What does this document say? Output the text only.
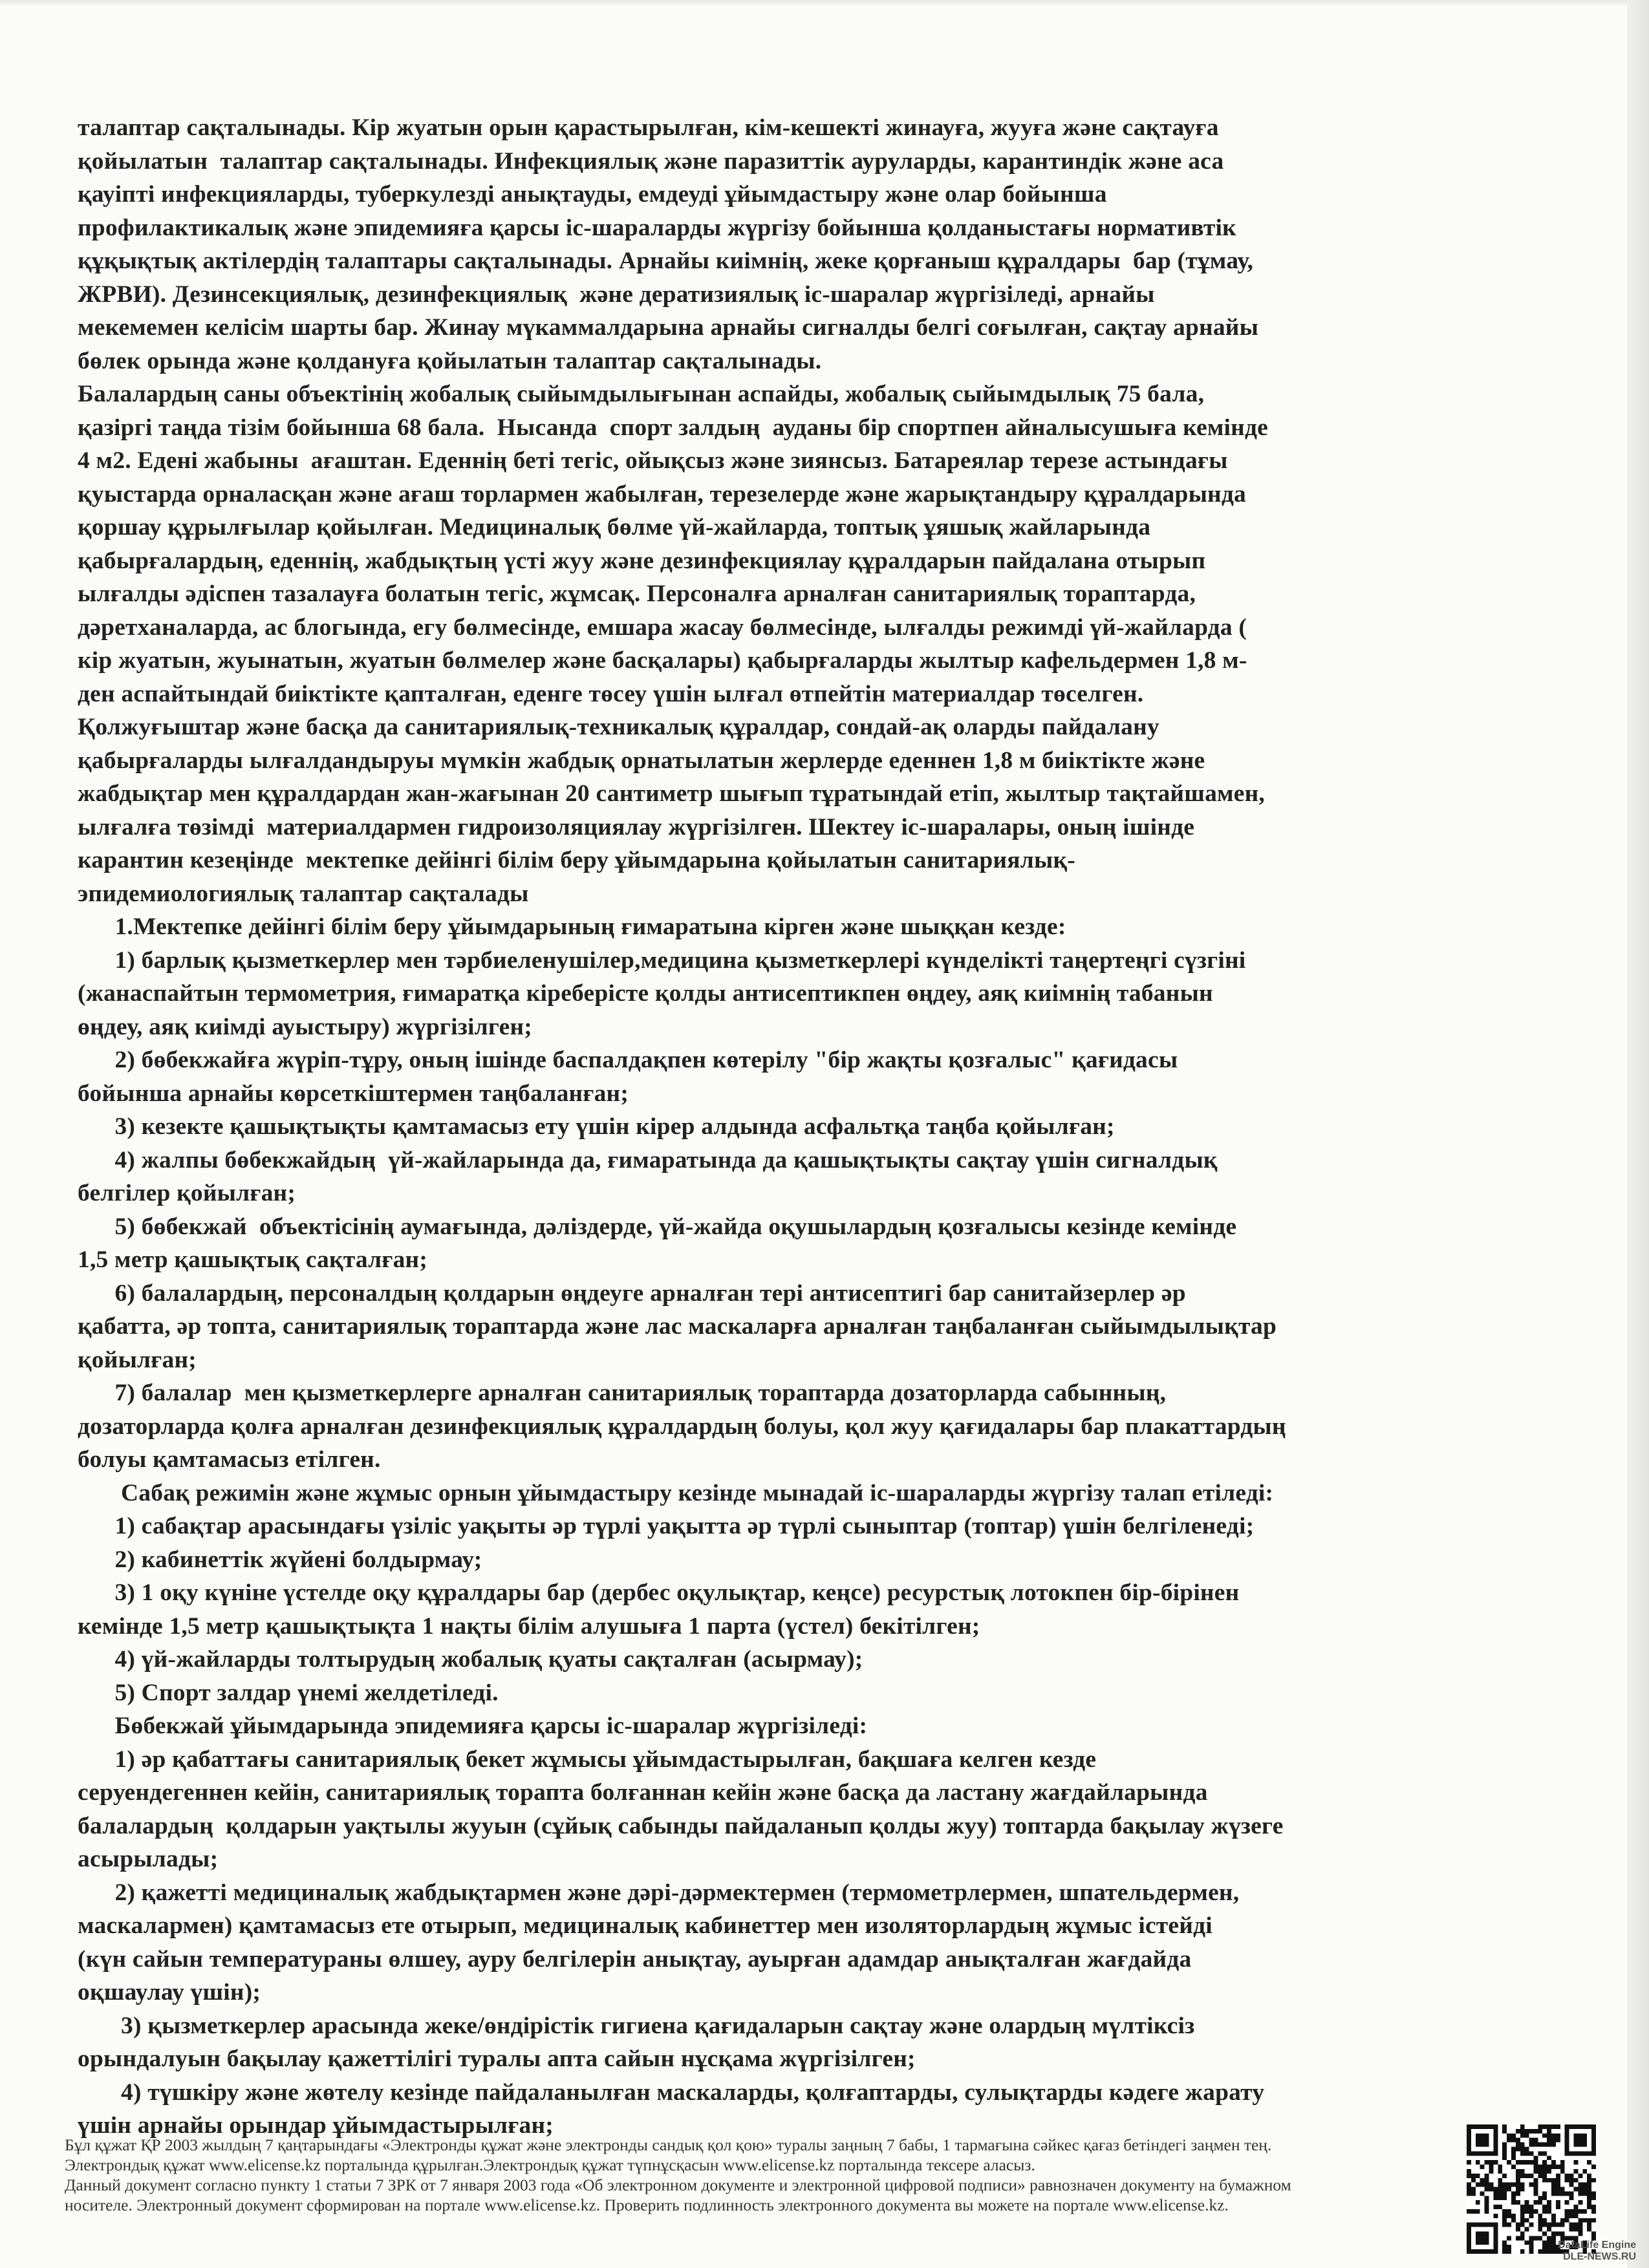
талаптар сақталынады. Кір жуатын орын қарастырылған, кім-кешекті жинауға, жууға және сақтауға
қойылатын  талаптар сақталынады. Инфекциялық және паразиттік ауруларды, карантиндік және аса
қауіпті инфекцияларды, туберкулезді анықтауды, емдеуді ұйымдастыру және олар бойынша
профилактикалық және эпидемияға қарсы іс-шараларды жүргізу бойынша қолданыстағы нормативтік
құқықтық актілердің талаптары сақталынады. Арнайы киімнің, жеке қорғаныш құралдары  бар (тұмау,
ЖРВИ). Дезинсекциялық, дезинфекциялық  және дератизиялық іс-шаралар жүргізіледі, арнайы
мекемемен келісім шарты бар. Жинау мүкаммалдарына арнайы сигналды белгі соғылған, сақтау арнайы
бөлек орында және қолдануға қойылатын талаптар сақталынады.
Балалардың саны объектінің жобалық сыйымдылығынан аспайды, жобалық сыйымдылық 75 бала,
қазіргі таңда тізім бойынша 68 бала.  Нысанда  спорт залдың  ауданы бір спортпен айналысушыға кемінде
4 м2. Едені жабыны  ағаштан. Еденнің беті тегіс, ойықсыз және зиянсыз. Батареялар терезе астындағы
қуыстарда орналасқан және ағаш торлармен жабылған, терезелерде және жарықтандыру құралдарында
қоршау құрылғылар қойылған. Медициналық бөлме үй-жайларда, топтық ұяшық жайларында
қабырғалардың, еденнің, жабдықтың үсті жуу және дезинфекциялау құралдарын пайдалана отырып
ылғалды әдіспен тазалауға болатын тегіс, жұмсақ. Персоналға арналған санитариялық тораптарда,
дәретханаларда, ас блогында, егу бөлмесінде, емшара жасау бөлмесінде, ылғалды режимді үй-жайларда (
кір жуатын, жуынатын, жуатын бөлмелер және басқалары) қабырғаларды жылтыр кафельдермен 1,8 м-
ден аспайтындай биіктікте қапталған, еденге төсеу үшін ылғал өтпейтін материалдар төселген.
Қолжуғыштар және басқа да санитариялық-техникалық құралдар, сондай-ақ оларды пайдалану
қабырғаларды ылғалдандыруы мүмкін жабдық орнатылатын жерлерде еденнен 1,8 м биіктікте және
жабдықтар мен құралдардан жан-жағынан 20 сантиметр шығып тұратындай етіп, жылтыр тақтайшамен,
ылғалға төзімді  материалдармен гидроизоляциялау жүргізілген. Шектеу іс-шаралары, оның ішінде
карантин кезеңінде  мектепке дейінгі білім беру ұйымдарына қойылатын санитариялық-
эпидемиологиялық талаптар сақталады
1.Мектепке дейінгі білім беру ұйымдарының ғимаратына кірген және шыққан кезде:
1) барлық қызметкерлер мен тәрбиеленушілер,медицина қызметкерлері күнделікті таңертеңгі сүзгіні
(жанаспайтын термометрия, ғимаратқа кіреберісте қолды антисептикпен өңдеу, аяқ киімнің табанын
өңдеу, аяқ киімді ауыстыру) жүргізілген;
2) бөбекжайға жүріп-тұру, оның ішінде баспалдақпен көтерілу "бір жақты қозғалыс" қағидасы
бойынша арнайы көрсеткіштермен таңбаланған;
3) кезекте қашықтықты қамтамасыз ету үшін кірер алдында асфальтқа таңба қойылған;
4) жалпы бөбекжайдың  үй-жайларында да, ғимаратында да қашықтықты сақтау үшін сигналдық
белгілер қойылған;
5) бөбекжай  объектісінің аумағында, дәліздерде, үй-жайда оқушылардың қозғалысы кезінде кемінде
1,5 метр қашықтық сақталған;
6) балалардың, персоналдың қолдарын өңдеуге арналған тері антисептигі бар санитайзерлер әр
қабатта, әр топта, санитариялық тораптарда және лас маскаларға арналған таңбаланған сыйымдылықтар
қойылған;
7) балалар  мен қызметкерлерге арналған санитариялық тораптарда дозаторларда сабынның,
дозаторларда қолға арналған дезинфекциялық құралдардың болуы, қол жуу қағидалары бар плакаттардың
болуы қамтамасыз етілген.
Сабақ режимін және жұмыс орнын ұйымдастыру кезінде мынадай іс-шараларды жүргізу талап етіледі:
1) сабақтар арасындағы үзіліс уақыты әр түрлі уақытта әр түрлі сыныптар (топтар) үшін белгіленеді;
2) кабинеттік жүйені болдырмау;
3) 1 оқу күніне үстелде оқу құралдары бар (дербес оқулықтар, кеңсе) ресурстық лотокпен бір-бірінен
кемінде 1,5 метр қашықтықта 1 нақты білім алушыға 1 парта (үстел) бекітілген;
4) үй-жайларды толтырудың жобалық қуаты сақталған (асырмау);
5) Спорт залдар үнемі желдетіледі.
Бөбекжай ұйымдарында эпидемияға қарсы іс-шаралар жүргізіледі:
1) әр қабаттағы санитариялық бекет жұмысы ұйымдастырылған, бақшаға келген кезде
серуендегеннен кейін, санитариялық торапта болғаннан кейін және басқа да ластану жағдайларында
балалардың  қолдарын уақтылы жууын (сұйық сабынды пайдаланып қолды жуу) топтарда бақылау жүзеге
асырылады;
2) қажетті медициналық жабдықтармен және дәрі-дәрмектермен (термометрлермен, шпательдермен,
маскалармен) қамтамасыз ете отырып, медициналық кабинеттер мен изоляторлардың жұмыс істейді
(күн сайын температураны өлшеу, ауру белгілерін анықтау, ауырған адамдар анықталған жағдайда
оқшаулау үшін);
3) қызметкерлер арасында жеке/өндірістік гигиена қағидаларын сақтау және олардың мүлтіксіз
орындалуын бақылау қажеттілігі туралы апта сайын нұсқама жүргізілген;
4) түшкіру және жөтелу кезінде пайдаланылған маскаларды, қолғаптарды, сулықтарды кәдеге жарату
үшін арнайы орындар ұйымдастырылған;
Бұл құжат ҚР 2003 жылдың 7 қаңтарындағы «Электронды құжат және электронды сандық қол қою» туралы заңның 7 бабы, 1 тармағына сәйкес қағаз бетіндегі заңмен тең.
Электрондық құжат www.elicense.kz порталында құрылған.Электрондық құжат түпнұсқасын www.elicense.kz порталында тексере аласыз.
Данный документ согласно пункту 1 статьи 7 ЗРК от 7 января 2003 года «Об электронном документе и электронной цифровой подписи» равнозначен документу на бумажном
носителе. Электронный документ сформирован на портале www.elicense.kz. Проверить подлинность электронного документа вы можете на портале www.elicense.kz.
DataLife Engine
DLE-NEWS.RU
